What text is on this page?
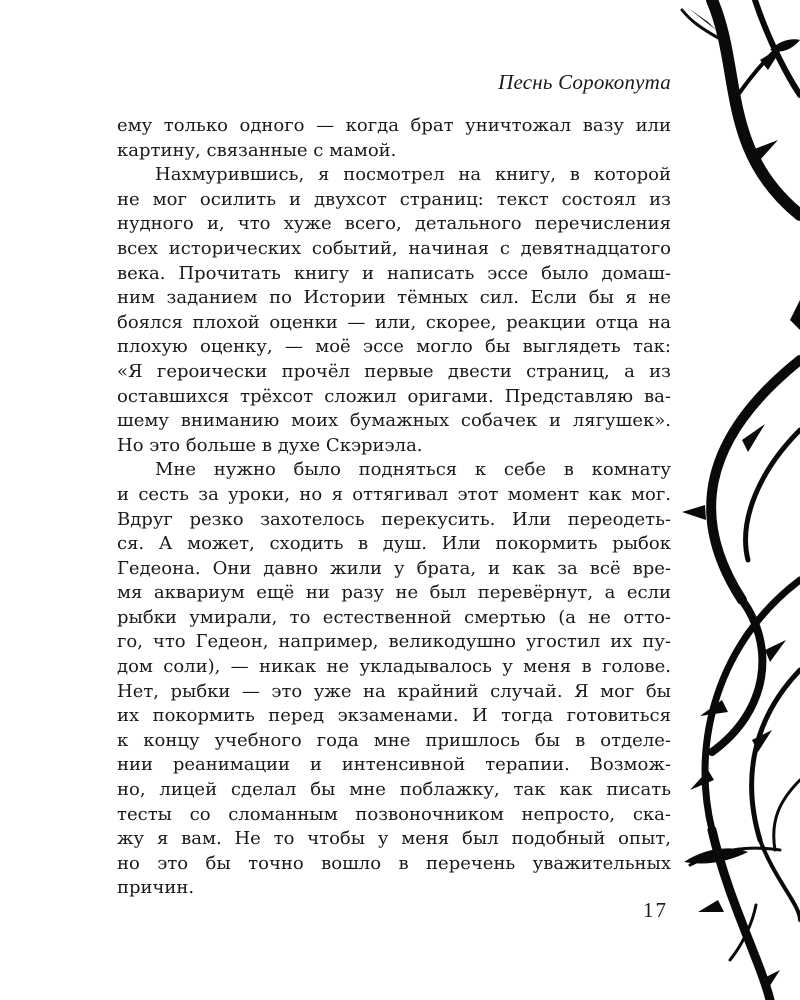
Песнь Сорокопута
ему только одного — когда брат уничтожал вазу или
картину, связанные с мамой.
Нахмурившись, я посмотрел на книгу, в которой
не мог осилить и двухсот страниц: текст состоял из
нудного и, что хуже всего, детального перечисления
всех исторических событий, начиная с девятнадцатого
века. Прочитать книгу и написать эссе было домаш-
ним заданием по Истории тёмных сил. Если бы я не
боялся плохой оценки — или, скорее, реакции отца на
плохую оценку, — моё эссе могло бы выглядеть так:
«Я героически прочёл первые двести страниц, а из
оставшихся трёхсот сложил оригами. Представляю ва-
шему вниманию моих бумажных собачек и лягушек».
Но это больше в духе Скэриэла.
Мне нужно было подняться к себе в комнату
и сесть за уроки, но я оттягивал этот момент как мог.
Вдруг резко захотелось перекусить. Или переодеть-
ся. А может, сходить в душ. Или покормить рыбок
Гедеона. Они давно жили у брата, и как за всё вре-
мя аквариум ещё ни разу не был перевёрнут, а если
рыбки умирали, то естественной смертью (а не отто-
го, что Гедеон, например, великодушно угостил их пу-
дом соли), — никак не укладывалось у меня в голове.
Нет, рыбки — это уже на крайний случай. Я мог бы
их покормить перед экзаменами. И тогда готовиться
к концу учебного года мне пришлось бы в отделе-
нии реанимации и интенсивной терапии. Возмож-
но, лицей сделал бы мне поблажку, так как писать
тесты со сломанным позвоночником непросто, ска-
жу я вам. Не то чтобы у меня был подобный опыт,
но это бы точно вошло в перечень уважительных
причин.
17
